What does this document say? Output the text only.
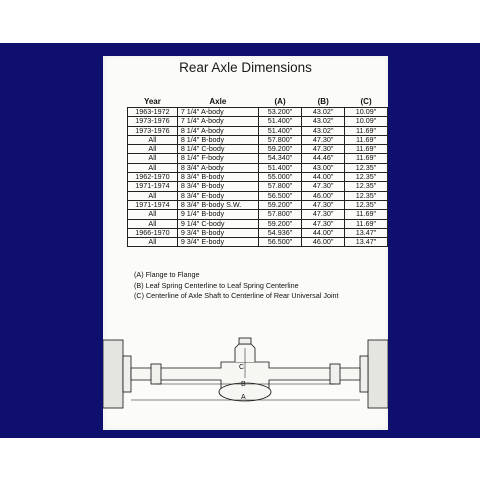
Rear Axle Dimensions
Year	Axle	(A)	(B)	(C)
1963-1972	7 1/4" A-body	53.200"	43.02"	10.09"
1973-1976	7 1/4" A-body	51.400"	43.02"	10.09"
1973-1976	8 1/4" A-body	51.400"	43.02"	11.69"
All	8 1/4" B-body	57.800"	47.30"	11.69"
All	8 1/4" C-body	59.200"	47.30"	11.69"
All	8 1/4" F-body	54.340"	44.46"	11.69"
All	8 3/4" A-body	51.400"	43.00"	12.35"
1962-1970	8 3/4" B-body	55.000"	44.00"	12.35"
1971-1974	8 3/4" B-body	57.800"	47.30"	12.35"
All	8 3/4" E-body	56.500"	46.00"	12.35"
1971-1974	8 3/4" B-body S.W.	59.200"	47.30"	12.35"
All	9 1/4" B-body	57.800"	47.30"	11.69"
All	9 1/4" C-body	59.200"	47.30"	11.69"
1966-1970	9 3/4" B-body	54.936"	44.00"	13.47"
All	9 3/4" E-body	56.500"	46.00"	13.47"
(A) Flange to Flange
(B) Leaf Spring Centerline to Leaf Spring Centerline
(C) Centerline of Axle Shaft to Centerline of Rear Universal Joint
C
B
A
